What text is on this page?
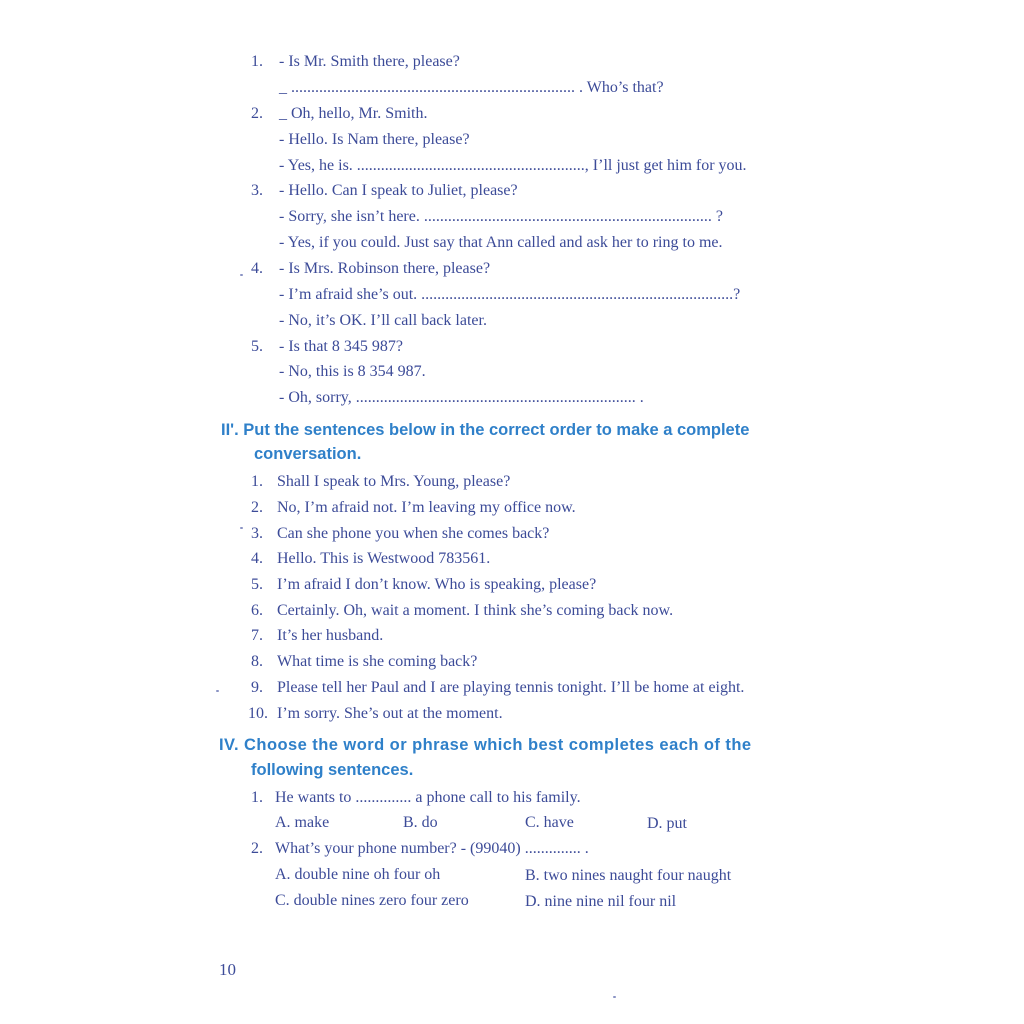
1. - Is Mr. Smith there, please?
_ ....................................................................... . Who’s that?
2. _ Oh, hello, Mr. Smith.
- Hello. Is Nam there, please?
- Yes, he is. ........................................................., I’ll just get him for you.
3. - Hello. Can I speak to Juliet, please?
- Sorry, she isn’t here. ........................................................................ ?
- Yes, if you could. Just say that Ann called and ask her to ring to me.
4. - Is Mrs. Robinson there, please?
- I’m afraid she’s out. ..............................................................................?
- No, it’s OK. I’ll call back later.
5. - Is that 8 345 987?
- No, this is 8 354 987.
- Oh, sorry, ...................................................................... .
II'. Put the sentences below in the correct order to make a complete
conversation.
1. Shall I speak to Mrs. Young, please?
2. No, I’m afraid not. I’m leaving my office now.
3. Can she phone you when she comes back?
4. Hello. This is Westwood 783561.
5. I’m afraid I don’t know. Who is speaking, please?
6. Certainly. Oh, wait a moment. I think she’s coming back now.
7. It’s her husband.
8. What time is she coming back?
9. Please tell her Paul and I are playing tennis tonight. I’ll be home at eight.
10. I’m sorry. She’s out at the moment.
IV. Choose the word or phrase which best completes each of the
following sentences.
1. He wants to .............. a phone call to his family.
A. make	B. do	C. have	D. put
2. What’s your phone number? - (99040) .............. .
A. double nine oh four oh	B. two nines naught four naught
C. double nines zero four zero	D. nine nine nil four nil
10
